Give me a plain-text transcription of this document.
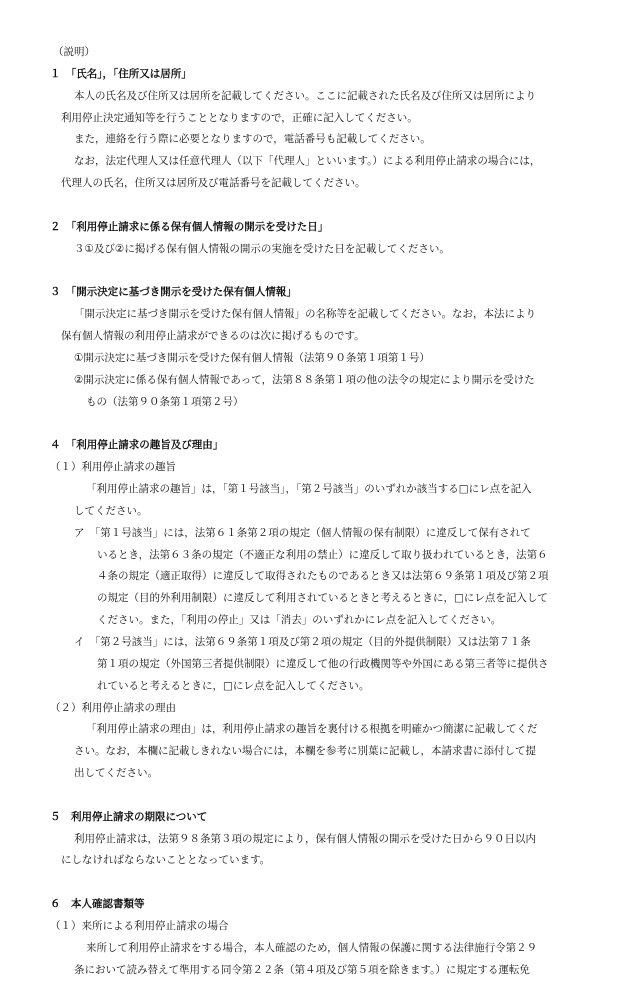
（説明）
１　「氏名」，「住所又は居所」
本人の氏名及び住所又は居所を記載してください。ここに記載された氏名及び住所又は居所により
利用停止決定通知等を行うこととなりますので，正確に記入してください。
また，連絡を行う際に必要となりますので，電話番号も記載してください。
なお，法定代理人又は任意代理人（以下「代理人」といいます。）による利用停止請求の場合には，
代理人の氏名，住所又は居所及び電話番号を記載してください。
２　「利用停止請求に係る保有個人情報の開示を受けた日」
３①及び②に掲げる保有個人情報の開示の実施を受けた日を記載してください。
３　「開示決定に基づき開示を受けた保有個人情報」
「開示決定に基づき開示を受けた保有個人情報」の名称等を記載してください。なお，本法により
保有個人情報の利用停止請求ができるのは次に掲げるものです。
①開示決定に基づき開示を受けた保有個人情報（法第９０条第１項第１号）
②開示決定に係る保有個人情報であって，法第８８条第１項の他の法令の規定により開示を受けた
もの（法第９０条第１項第２号）
４　「利用停止請求の趣旨及び理由」
（１）利用停止請求の趣旨
「利用停止請求の趣旨」は，「第１号該当」，「第２号該当」のいずれか該当する□にレ点を記入
してください。
ア　「第１号該当」には，法第６１条第２項の規定（個人情報の保有制限）に違反して保有されて
いるとき，法第６３条の規定（不適正な利用の禁止）に違反して取り扱われているとき，法第６
４条の規定（適正取得）に違反して取得されたものであるとき又は法第６９条第１項及び第２項
の規定（目的外利用制限）に違反して利用されているときと考えるときに，□にレ点を記入して
ください。また，「利用の停止」又は「消去」のいずれかにレ点を記入してください。
イ　「第２号該当」には，法第６９条第１項及び第２項の規定（目的外提供制限）又は法第７１条
第１項の規定（外国第三者提供制限）に違反して他の行政機関等や外国にある第三者等に提供さ
れていると考えるときに，□にレ点を記入してください。
（２）利用停止請求の理由
「利用停止請求の理由」は，利用停止請求の趣旨を裏付ける根拠を明確かつ簡潔に記載してくだ
さい。なお，本欄に記載しきれない場合には，本欄を参考に別葉に記載し，本請求書に添付して提
出してください。
５　利用停止請求の期限について
利用停止請求は，法第９８条第３項の規定により，保有個人情報の開示を受けた日から９０日以内
にしなければならないこととなっています。
６　本人確認書類等
（１）来所による利用停止請求の場合
来所して利用停止請求をする場合，本人確認のため，個人情報の保護に関する法律施行令第２９
条において読み替えて準用する同令第２２条（第４項及び第５項を除きます。）に規定する運転免
